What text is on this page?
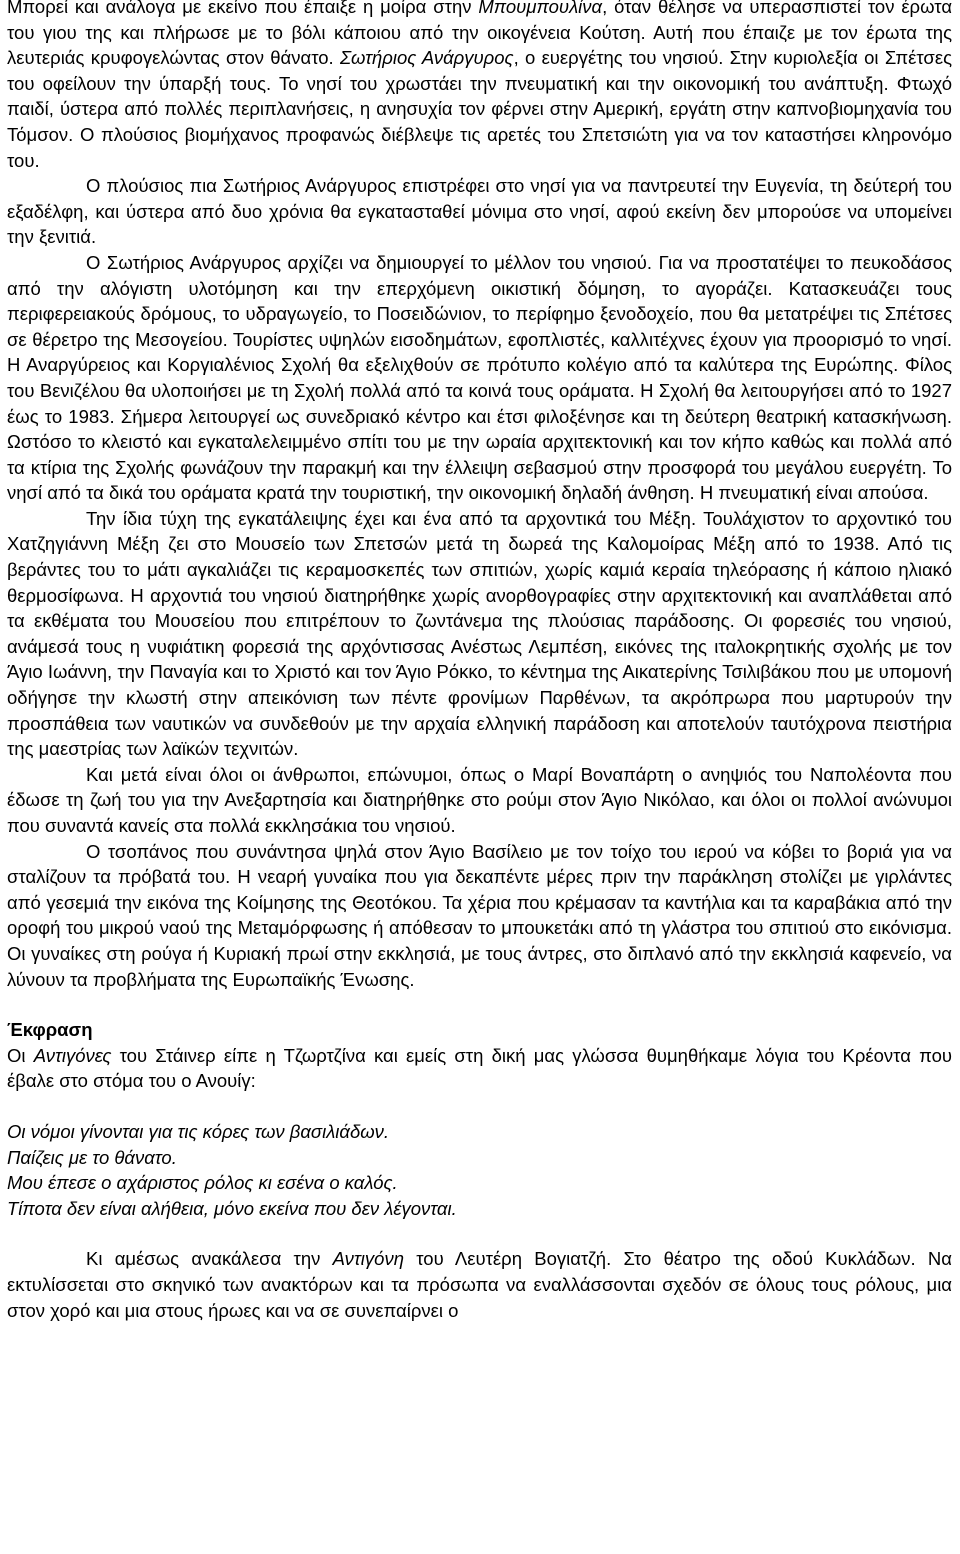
Μπορεί και ανάλογα με εκείνο που έπαιξε η μοίρα στην Μπουμπουλίνα, όταν θέλησε να υπερασπιστεί τον έρωτα του γιου της και πλήρωσε με το βόλι κάποιου από την οικογένεια Κούτση. Αυτή που έπαιζε με τον έρωτα της λευτεριάς κρυφογελώντας στον θάνατο. Σωτήριος Ανάργυρος, ο ευεργέτης του νησιού. Στην κυριολεξία οι Σπέτσες του οφείλουν την ύπαρξή τους. Το νησί του χρωστάει την πνευματική και την οικονομική του ανάπτυξη. Φτωχό παιδί, ύστερα από πολλές περιπλανήσεις, η ανησυχία τον φέρνει στην Αμερική, εργάτη στην καπνοβιομηχανία του Τόμσον. Ο πλούσιος βιομήχανος προφανώς διέβλεψε τις αρετές του Σπετσιώτη για να τον καταστήσει κληρονόμο του.

Ο πλούσιος πια Σωτήριος Ανάργυρος επιστρέφει στο νησί για να παντρευτεί την Ευγενία, τη δεύτερή του εξαδέλφη, και ύστερα από δυο χρόνια θα εγκατασταθεί μόνιμα στο νησί, αφού εκείνη δεν μπορούσε να υπομείνει την ξενιτιά.

Ο Σωτήριος Ανάργυρος αρχίζει να δημιουργεί το μέλλον του νησιού. Για να προστατέψει το πευκοδάσος από την αλόγιστη υλοτόμηση και την επερχόμενη οικιστική δόμηση, το αγοράζει. Κατασκευάζει τους περιφερειακούς δρόμους, το υδραγωγείο, το Ποσειδώνιον, το περίφημο ξενοδοχείο, που θα μετατρέψει τις Σπέτσες σε θέρετρο της Μεσογείου. Τουρίστες υψηλών εισοδημάτων, εφοπλιστές, καλλιτέχνες έχουν για προορισμό το νησί. Η Αναργύρειος και Κοργιαλένιος Σχολή θα εξελιχθούν σε πρότυπο κολέγιο από τα καλύτερα της Ευρώπης. Φίλος του Βενιζέλου θα υλοποιήσει με τη Σχολή πολλά από τα κοινά τους οράματα. Η Σχολή θα λειτουργήσει από το 1927 έως το 1983. Σήμερα λειτουργεί ως συνεδριακό κέντρο και έτσι φιλοξένησε και τη δεύτερη θεατρική κατασκήνωση. Ωστόσο το κλειστό και εγκαταλελειμμένο σπίτι του με την ωραία αρχιτεκτονική και τον κήπο καθώς και πολλά από τα κτίρια της Σχολής φωνάζουν την παρακμή και την έλλειψη σεβασμού στην προσφορά του μεγάλου ευεργέτη. Το νησί από τα δικά του οράματα κρατά την τουριστική, την οικονομική δηλαδή άνθηση. Η πνευματική είναι απούσα.

Την ίδια τύχη της εγκατάλειψης έχει και ένα από τα αρχοντικά του Μέξη. Τουλάχιστον το αρχοντικό του Χατζηγιάννη Μέξη ζει στο Μουσείο των Σπετσών μετά τη δωρεά της Καλομοίρας Μέξη από το 1938. Από τις βεράντες του το μάτι αγκαλιάζει τις κεραμοσκεπές των σπιτιών, χωρίς καμιά κεραία τηλεόρασης ή κάποιο ηλιακό θερμοσίφωνα. Η αρχοντιά του νησιού διατηρήθηκε χωρίς ανορθογραφίες στην αρχιτεκτονική και αναπλάθεται από τα εκθέματα του Μουσείου που επιτρέπουν το ζωντάνεμα της πλούσιας παράδοσης. Οι φορεσιές του νησιού, ανάμεσά τους η νυφιάτικη φορεσιά της αρχόντισσας Ανέστως Λεμπέση, εικόνες της ιταλοκρητικής σχολής με τον Άγιο Ιωάννη, την Παναγία και το Χριστό και τον Άγιο Ρόκκο, το κέντημα της Αικατερίνης Τσιλιβάκου που με υπομονή οδήγησε την κλωστή στην απεικόνιση των πέντε φρονίμων Παρθένων, τα ακρόπρωρα που μαρτυρούν την προσπάθεια των ναυτικών να συνδεθούν με την αρχαία ελληνική παράδοση και αποτελούν ταυτόχρονα πειστήρια της μαεστρίας των λαϊκών τεχνιτών.

Και μετά είναι όλοι οι άνθρωποι, επώνυμοι, όπως ο Μαρί Βοναπάρτη ο ανηψιός του Ναπολέοντα που έδωσε τη ζωή του για την Ανεξαρτησία και διατηρήθηκε στο ρούμι στον Άγιο Νικόλαο, και όλοι οι πολλοί ανώνυμοι που συναντά κανείς στα πολλά εκκλησάκια του νησιού.

Ο τσοπάνος που συνάντησα ψηλά στον Άγιο Βασίλειο με τον τοίχο του ιερού να κόβει το βοριά για να σταλίζουν τα πρόβατά του. Η νεαρή γυναίκα που για δεκαπέντε μέρες πριν την παράκληση στολίζει με γιρλάντες από γεσεμιά την εικόνα της Κοίμησης της Θεοτόκου. Τα χέρια που κρέμασαν τα καντήλια και τα καραβάκια από την οροφή του μικρού ναού της Μεταμόρφωσης ή απόθεσαν το μπουκετάκι από τη γλάστρα του σπιτιού στο εικόνισμα. Οι γυναίκες στη ρούγα ή Κυριακή πρωί στην εκκλησιά, με τους άντρες, στο διπλανό από την εκκλησιά καφενείο, να λύνουν τα προβλήματα της Ευρωπαϊκής Ένωσης.

Έκφραση

Οι Αντιγόνες του Στάινερ είπε η Τζωρτζίνα και εμείς στη δική μας γλώσσα θυμηθήκαμε λόγια του Κρέοντα που έβαλε στο στόμα του ο Ανουίγ:

Οι νόμοι γίνονται για τις κόρες των βασιλιάδων.

Παίζεις με το θάνατο.

Μου έπεσε ο αχάριστος ρόλος κι εσένα ο καλός.

Τίποτα δεν είναι αλήθεια, μόνο εκείνα που δεν λέγονται.

Κι αμέσως ανακάλεσα την Αντιγόνη του Λευτέρη Βογιατζή. Στο θέατρο της οδού Κυκλάδων. Να εκτυλίσσεται στο σκηνικό των ανακτόρων και τα πρόσωπα να εναλλάσσονται σχεδόν σε όλους τους ρόλους, μια στον χορό και μια στους ήρωες και να σε συνεπαίρνει ο
